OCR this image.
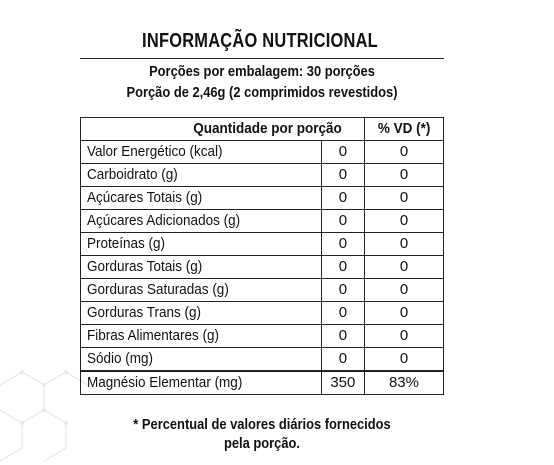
INFORMAÇÃO NUTRICIONAL
Porções por embalagem: 30 porções
Porção de 2,46g (2 comprimidos revestidos)
Quantidade por porção		% VD (*)
Valor Energético (kcal)	0	0
Carboidrato (g)	0	0
Açúcares Totais (g)	0	0
Açúcares Adicionados (g)	0	0
Proteínas (g)	0	0
Gorduras Totais (g)	0	0
Gorduras Saturadas (g)	0	0
Gorduras Trans (g)	0	0
Fibras Alimentares (g)	0	0
Sódio (mg)	0	0
Magnésio Elementar (mg)	350	83%
* Percentual de valores diários fornecidos
pela porção.
